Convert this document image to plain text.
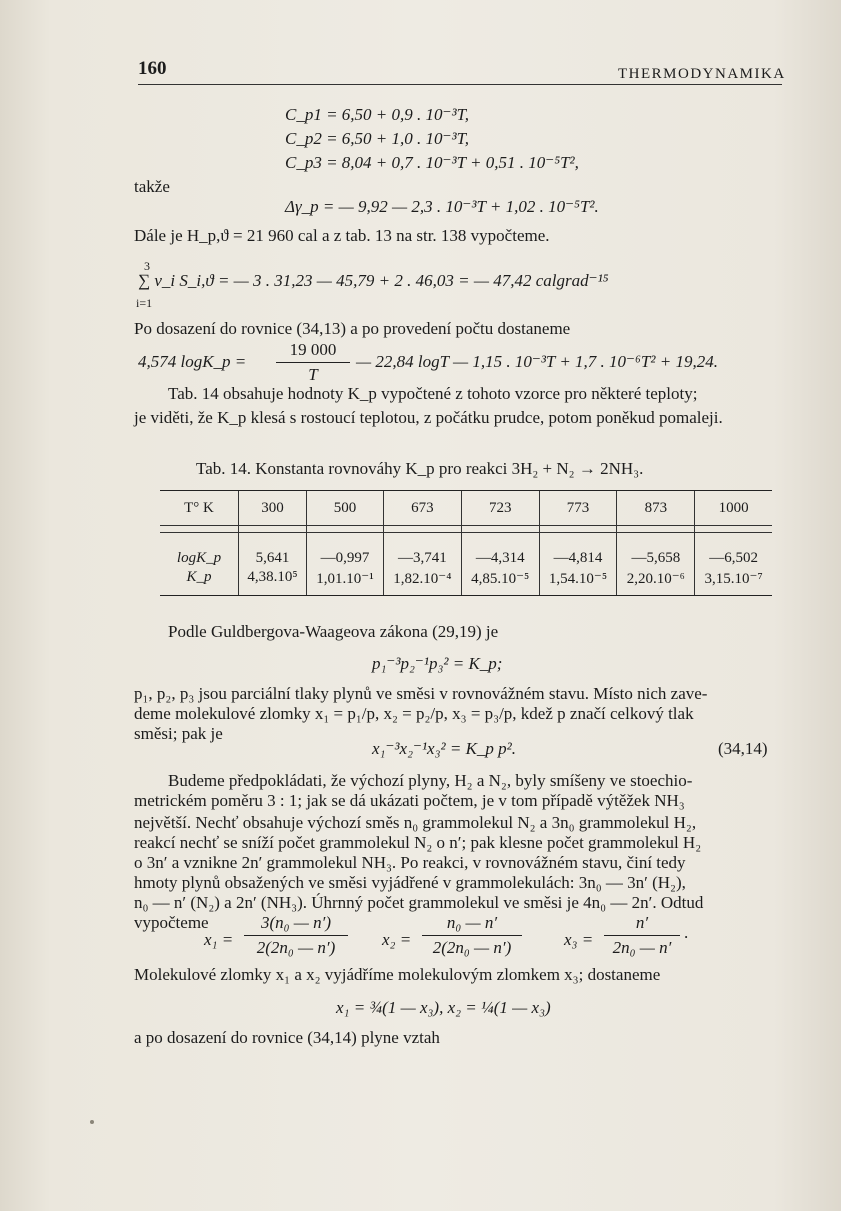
160	THERMODYNAMIKA
C_p1 = 6,50 + 0,9 . 10⁻³T,
C_p2 = 6,50 + 1,0 . 10⁻³T,
C_p3 = 8,04 + 0,7 . 10⁻³T + 0,51 . 10⁻⁵T²,
takže
Δγ_p = — 9,92 — 2,3 . 10⁻³T + 1,02 . 10⁻⁵T².
Dále je H_p,ϑ = 21 960 cal a z tab. 13 na str. 138 vypočteme.
3
∑ ν_i S_i,ϑ = — 3 . 31,23 — 45,79 + 2 . 46,03 = — 47,42 calgrad⁻¹⁵
i=1
Po dosazení do rovnice (34,13) a po provedení počtu dostaneme
4,574 logK_p = $\frac{19 000}{T}$ — 22,84 logT — 1,15 . 10⁻³T + 1,7 . 10⁻⁶T² + 19,24.
Tab. 14 obsahuje hodnoty K_p vypočtené z tohoto vzorce pro některé teploty;
je viděti, že K_p klesá s rostoucí teplotou, z počátku prudce, potom poněkud pomaleji.
Tab. 14. Konstanta rovnováhy K_p pro reakci 3H₂ + N₂ → 2NH₃.
T° K	300	500	673	723	773	873	1000

logK_p	5,641	—0,997	—3,741	—4,314	—4,814	—5,658	—6,502
K_p	4,38.10⁵	1,01.10⁻¹	1,82.10⁻⁴	4,85.10⁻⁵	1,54.10⁻⁵	2,20.10⁻⁶	3,15.10⁻⁷
Podle Guldbergova-Waageova zákona (29,19) je
p₁⁻³p₂⁻¹p₃² = K_p;
p₁, p₂, p₃ jsou parciální tlaky plynů ve směsi v rovnovážném stavu. Místo nich zave-
deme molekulové zlomky x₁ = p₁/p, x₂ = p₂/p, x₃ = p₃/p, kdež p značí celkový tlak
směsi; pak je
x₁⁻³x₂⁻¹x₃² = K_p p².	(34,14)
Budeme předpokládati, že výchozí plyny, H₂ a N₂, byly smíšeny ve stoechio-
metrickém poměru 3 : 1; jak se dá ukázati počtem, je v tom případě výtěžek NH₃
největší. Nechť obsahuje výchozí směs n₀ grammolekul N₂ a 3n₀ grammolekul H₂,
reakcí nechť se sníží počet grammolekul N₂ o n′; pak klesne počet grammolekul H₂
o 3n′ a vznikne 2n′ grammolekul NH₃. Po reakci, v rovnovážném stavu, činí tedy
hmoty plynů obsažených ve směsi vyjádřené v grammolekulách: 3n₀ — 3n′ (H₂),
n₀ — n′ (N₂) a 2n′ (NH₃). Úhrnný počet grammolekul ve směsi je 4n₀ — 2n′. Odtud
vypočteme
$x_1 = \frac{\text{3(n₀ — n′)}}{\text{2(2n₀ — n′)}} x_2 = \frac{\text{n₀ — n′}}{\text{2(2n₀ — n′)}} x_3 = \frac{n'}{\text{2n₀ — n′}}$ .
Molekulové zlomky x₁ a x₂ vyjádříme molekulovým zlomkem x₃; dostaneme
x₁ = ¾(1 — x₃), x₂ = ¼(1 — x₃)
a po dosazení do rovnice (34,14) plyne vztah
